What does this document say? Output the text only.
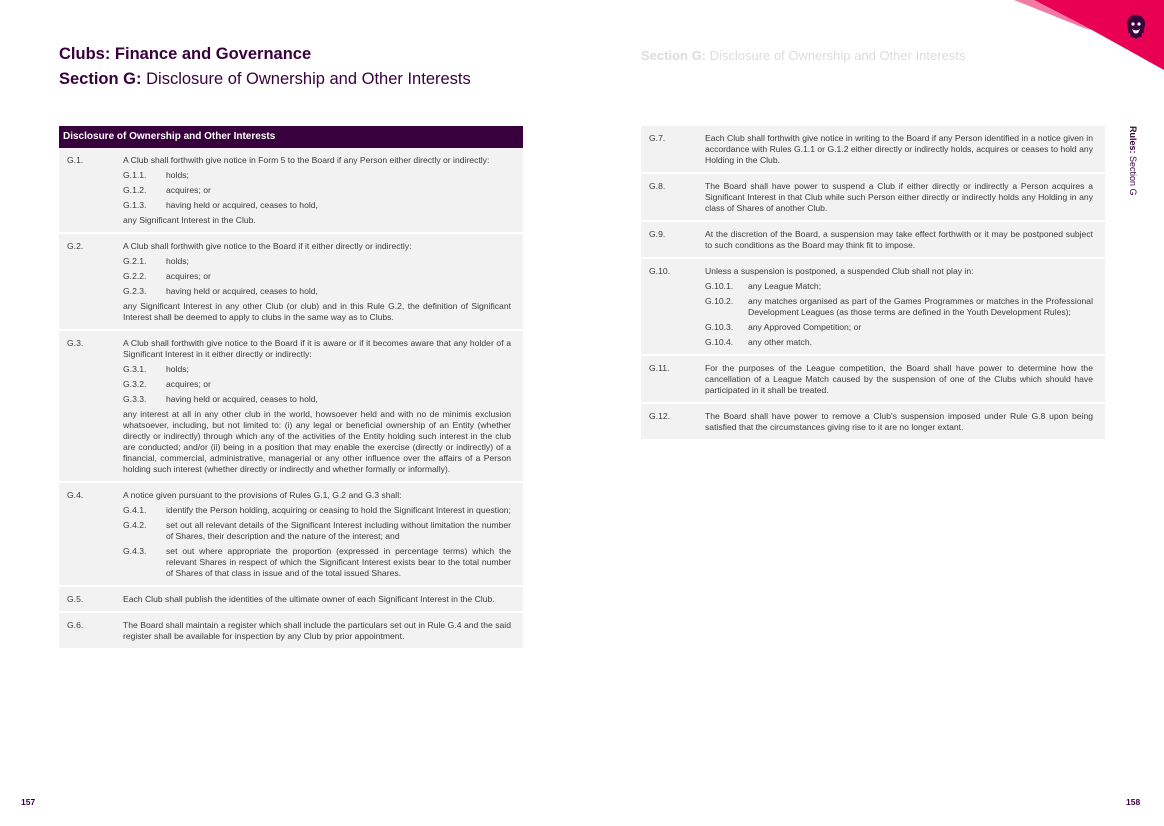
Clubs: Finance and Governance
Section G: Disclosure of Ownership and Other Interests
Section G: Disclosure of Ownership and Other Interests
Rules: Section G
Disclosure of Ownership and Other Interests
G.1.	A Club shall forthwith give notice in Form 5 to the Board if any Person either directly or indirectly:

G.1.1. holds;
G.1.2. acquires; or
G.1.3. having held or acquired, ceases to hold,

any Significant Interest in the Club.

G.2.	A Club shall forthwith give notice to the Board if it either directly or indirectly:

G.2.1. holds;
G.2.2. acquires; or
G.2.3. having held or acquired, ceases to hold,

any Significant Interest in any other Club (or club) and in this Rule G.2, the definition of Significant Interest shall be deemed to apply to clubs in the same way as to Clubs.

G.3.	A Club shall forthwith give notice to the Board if it is aware or if it becomes aware that any holder of a Significant Interest in it either directly or indirectly:

G.3.1. holds;
G.3.2. acquires; or
G.3.3. having held or acquired, ceases to hold,

any interest at all in any other club in the world, howsoever held and with no de minimis exclusion whatsoever, including, but not limited to: (i) any legal or beneficial ownership of an Entity (whether directly or indirectly) through which any of the activities of the Entity holding such interest in the club are conducted; and/or (ii) being in a position that may enable the exercise (directly or indirectly) of a financial, commercial, administrative, managerial or any other influence over the affairs of a Person holding such interest (whether directly or indirectly and whether formally or informally).

G.4.	A notice given pursuant to the provisions of Rules G.1, G.2 and G.3 shall:

G.4.1. identify the Person holding, acquiring or ceasing to hold the Significant Interest in question;
G.4.2. set out all relevant details of the Significant Interest including without limitation the number of Shares, their description and the nature of the interest; and
G.4.3. set out where appropriate the proportion (expressed in percentage terms) which the relevant Shares in respect of which the Significant Interest exists bear to the total number of Shares of that class in issue and of the total issued Shares.
G.5.	Each Club shall publish the identities of the ultimate owner of each Significant Interest in the Club.

G.6.	The Board shall maintain a register which shall include the particulars set out in Rule G.4 and the said register shall be available for inspection by any Club by prior appointment.

G.7.	Each Club shall forthwith give notice in writing to the Board if any Person identified in a notice given in accordance with Rules G.1.1 or G.1.2 either directly or indirectly holds, acquires or ceases to hold any Holding in the Club.

G.8.	The Board shall have power to suspend a Club if either directly or indirectly a Person acquires a Significant Interest in that Club while such Person either directly or indirectly holds any Holding in any class of Shares of another Club.

G.9.	At the discretion of the Board, a suspension may take effect forthwith or it may be postponed subject to such conditions as the Board may think fit to impose.

G.10.	Unless a suspension is postponed, a suspended Club shall not play in:

G.10.1. any League Match;
G.10.2. any matches organised as part of the Games Programmes or matches in the Professional Development Leagues (as those terms are defined in the Youth Development Rules);
G.10.3. any Approved Competition; or
G.10.4. any other match.
G.11.	For the purposes of the League competition, the Board shall have power to determine how the cancellation of a League Match caused by the suspension of one of the Clubs which should have participated in it shall be treated.

G.12.	The Board shall have power to remove a Club's suspension imposed under Rule G.8 upon being satisfied that the circumstances giving rise to it are no longer extant.

157	158
